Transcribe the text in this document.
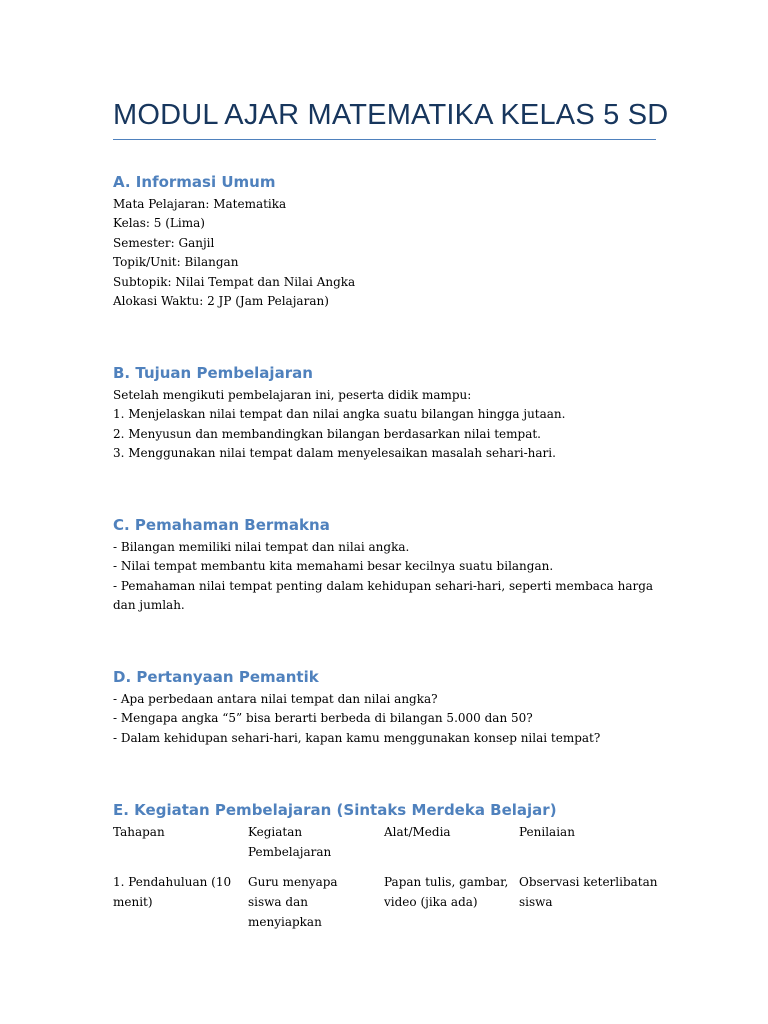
MODUL AJAR MATEMATIKA KELAS 5 SD
A. Informasi Umum
Mata Pelajaran: Matematika
Kelas: 5 (Lima)
Semester: Ganjil
Topik/Unit: Bilangan
Subtopik: Nilai Tempat dan Nilai Angka
Alokasi Waktu: 2 JP (Jam Pelajaran)
B. Tujuan Pembelajaran
Setelah mengikuti pembelajaran ini, peserta didik mampu:
1. Menjelaskan nilai tempat dan nilai angka suatu bilangan hingga jutaan.
2. Menyusun dan membandingkan bilangan berdasarkan nilai tempat.
3. Menggunakan nilai tempat dalam menyelesaikan masalah sehari-hari.
C. Pemahaman Bermakna
- Bilangan memiliki nilai tempat dan nilai angka.
- Nilai tempat membantu kita memahami besar kecilnya suatu bilangan.
- Pemahaman nilai tempat penting dalam kehidupan sehari-hari, seperti membaca harga
dan jumlah.
D. Pertanyaan Pemantik
- Apa perbedaan antara nilai tempat dan nilai angka?
- Mengapa angka “5” bisa berarti berbeda di bilangan 5.000 dan 50?
- Dalam kehidupan sehari-hari, kapan kamu menggunakan konsep nilai tempat?
E. Kegiatan Pembelajaran (Sintaks Merdeka Belajar)
Tahapan	Kegiatan Pembelajaran
Alat/Media	Penilaian
1. Pendahuluan (10 menit)
Guru menyapa siswa dan menyiapkan
Papan tulis, gambar, video (jika ada)
Observasi keterlibatan siswa
